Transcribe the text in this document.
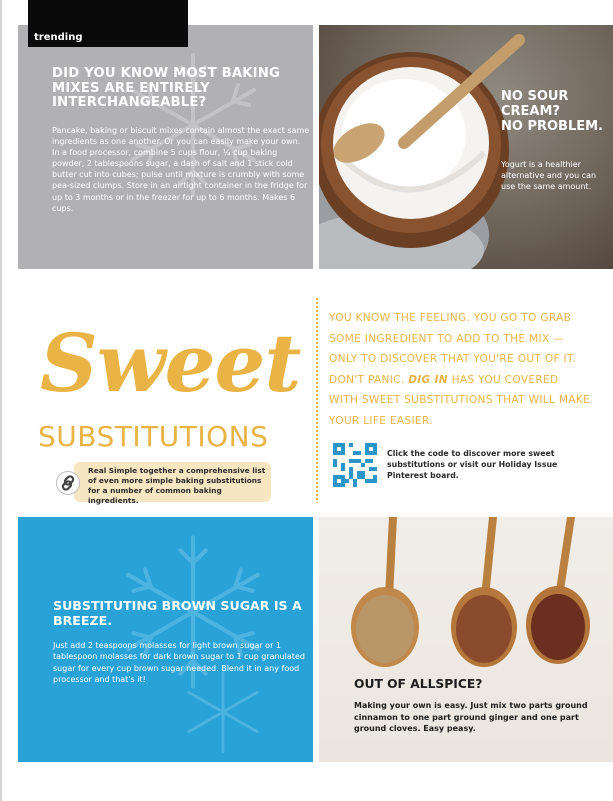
DID YOU KNOW MOST BAKING MIXES ARE ENTIRELY INTERCHANGEABLE?

Pancake, baking or biscuit mixes contain almost the exact same ingredients as one another. Or you can easily make your own. In a food processor, combine 5 cups flour, ¼ cup baking powder, 2 tablespoons sugar, a dash of salt and 1 stick cold butter cut into cubes; pulse until mixture is crumbly with some pea-sized clumps. Store in an airtight container in the fridge for up to 3 months or in the freezer for up to 6 months. Makes 6 cups.

trending
NO SOUR
CREAM?
NO PROBLEM.

Yogurt is a healthier alternative and you can use the same amount.

Sweet
SUBSTITUTIONS

Real Simple together a comprehensive list of even more simple baking substitutions for a number of common baking ingredients.

YOU KNOW THE FEELING. YOU GO TO GRAB SOME INGREDIENT TO ADD TO THE MIX — ONLY TO DISCOVER THAT YOU'RE OUT OF IT. DON'T PANIC. DIG IN HAS YOU COVERED WITH SWEET SUBSTITUTIONS THAT WILL MAKE YOUR LIFE EASIER.

Click the code to discover more sweet substitutions or visit our Holiday Issue Pinterest board.

SUBSTITUTING BROWN SUGAR IS A BREEZE.

Just add 2 teaspoons molasses for light brown sugar or 1 tablespoon molasses for dark brown sugar to 1 cup granulated sugar for every cup brown sugar needed. Blend it in any food processor and that's it!	OUT OF ALLSPICE?

Making your own is easy. Just mix two parts ground cinnamon to one part ground ginger and one part ground cloves. Easy peasy.
